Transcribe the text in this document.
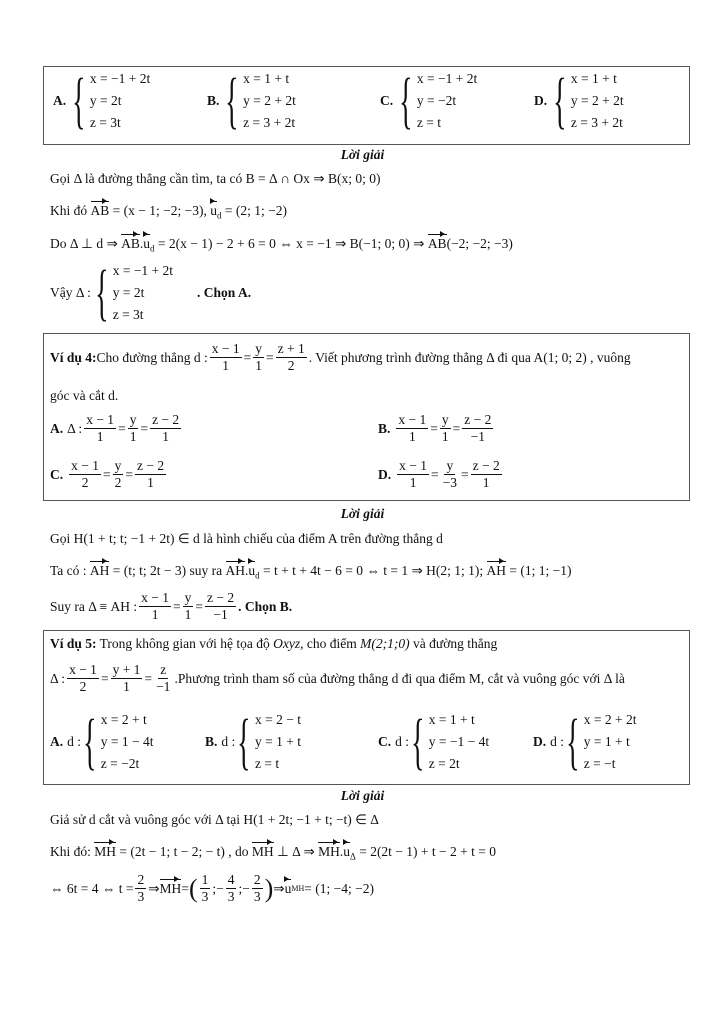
A. { x = −1 + 2t
y = 2t
z = 3t
B. { x = 1 + t
y = 2 + 2t
z = 3 + 2t
C. { x = −1 + 2t
y = −2t
z = t
D. { x = 1 + t
y = 2 + 2t
z = 3 + 2t
Lời giải
Gọi Δ là đường thẳng cần tìm, ta có B = Δ ∩ Ox ⇒ B(x; 0; 0)
Khi đó AB = (x − 1; −2; −3), $u_d = (2$; 1; −2)
Do Δ ⊥ d ⇒ $AB.u_d = 2(x - 1) - 2 + 6 = 0$ ⇔ x = −1 ⇒ B(−1; 0; 0) ⇒ AB(−2; −2; −3)
Vậy Δ : { x = −1 + 2t
y = 2t
z = 3t
. Chọn A.
Ví dụ 4: Cho đường thẳng d : $\frac{x - 1}{1} = \frac{y}{1} = \frac{z + 1}{2}$ . Viết phương trình đường thẳng Δ đi qua A(1; 0; 2) , vuông
góc và cắt d.
A. Δ : $\frac{x - 1}{1} = \frac{y}{1} = \frac{z - 2}{1}$	B. $\frac{x - 1}{1} = \frac{y}{1} = \frac{z - 2}{-1}$
C. $\frac{x - 1}{2} = \frac{y}{2} = \frac{z - 2}{1}$	D. $\frac{x - 1}{1} = \frac{y}{-3} = \frac{z - 2}{1}$
Lời giải
Gọi H(1 + t; t; −1 + 2t) ∈ d là hình chiếu của điểm A trên đường thẳng d
Ta có : AH = (t; t; 2t − 3) suy ra $AH.u_d = t + t + 4t - 6 = 0$ ⇔ t = 1 ⇒ H(2; 1; 1); AH = (1; 1; −1)
Suy ra Δ ≡ AH : $\frac{x - 1}{1} = \frac{y}{1} = \frac{z - 2}{-1}$ . Chọn B.
Ví dụ 5: Trong không gian với hệ tọa độ Oxyz, cho điểm M(2;1;0) và đường thẳng
Δ : $\frac{x - 1}{2} = \frac{y + 1}{1} = \frac{z}{-1}$ .Phương trình tham số của đường thẳng d đi qua điểm M, cắt và vuông góc với Δ là
A. d : { x = 2 + t
y = 1 − 4t
z = −2t
B. d : { x = 2 − t
y = 1 + t
z = t
C. d : { x = 1 + t
y = −1 − 4t
z = 2t
D. d : { x = 2 + 2t
y = 1 + t
z = −t
Lời giải
Giả sử d cắt và vuông góc với Δ tại H(1 + 2t; −1 + t; −t) ∈ Δ
Khi đó: MH = (2t − 1; t − 2; − t) , do MH ⊥ Δ ⇒ $MH.u_\Delta = 2(2t - 1) + t - 2 + t = 0$
⇔ 6t = 4 ⇔ $t = \frac{2}{3}$ ⇒ MH = ( $\frac{1}{3}$ ;− $\frac{4}{3}$ ;− $\frac{2}{3}$ ) ⇒ u MH = (1; −4; −2)
